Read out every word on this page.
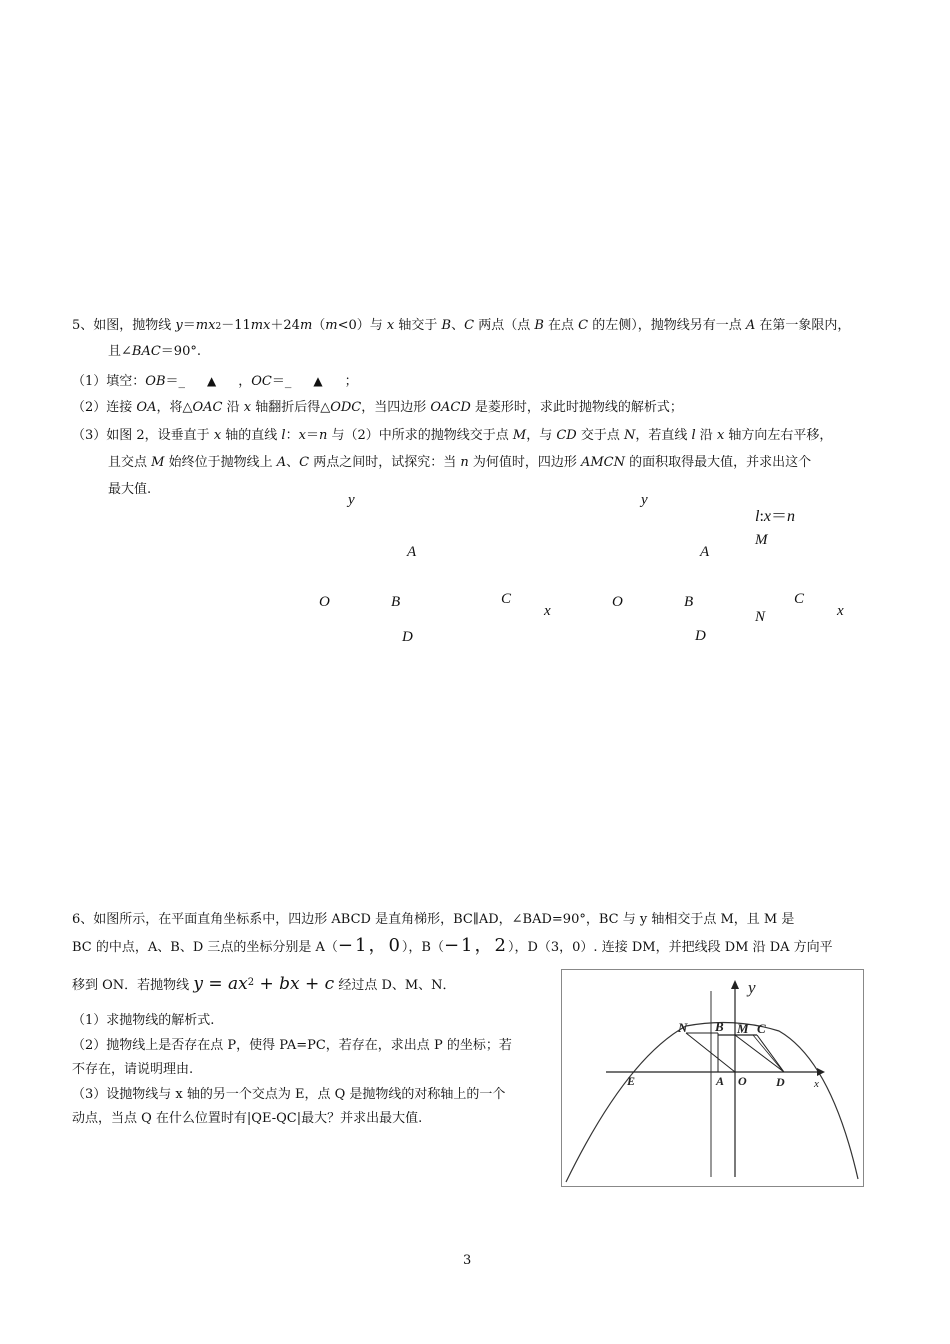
5、如图，抛物线 y＝mx2－11mx＋24m（m<0）与 x 轴交于 B、C 两点（点 B 在点 C 的左侧），抛物线另有一点 A 在第一象限内，
且∠BAC＝90°.
（1）填空：OB＝_ ▲ ，OC＝_ ▲ ；
（2）连接 OA，将△OAC 沿 x 轴翻折后得△ODC，当四边形 OACD 是菱形时，求此时抛物线的解析式；
（3）如图 2，设垂直于 x 轴的直线 l：x＝n 与（2）中所求的抛物线交于点 M，与 CD 交于点 N，若直线 l 沿 x 轴方向左右平移，
且交点 M 始终位于抛物线上 A、C 两点之间时，试探究：当 n 为何值时，四边形 AMCN 的面积取得最大值，并求出这个
最大值.
y
A
O	B	C
x
D
y
l:x＝n
M
A
O	B	C
x
N
D
6、如图所示，在平面直角坐标系中，四边形 ABCD 是直角梯形，BC∥AD，∠BAD=90°，BC 与 y 轴相交于点 M，且 M 是
BC 的中点，A、B、D 三点的坐标分别是 A（−1，0），B（−1，2），D（3，0）. 连接 DM，并把线段 DM 沿 DA 方向平
移到 ON．若抛物线 $y = ax^2$ + bx + c 经过点 D、M、N．
（1）求抛物线的解析式.
（2）抛物线上是否存在点 P，使得 PA=PC，若存在，求出点 P 的坐标；若
不存在，请说明理由.
（3）设抛物线与 x 轴的另一个交点为 E，点 Q 是抛物线的对称轴上的一个
动点，当点 Q 在什么位置时有|QE-QC|最大？并求出最大值.
y
x
N B M C
E	A O D
3
